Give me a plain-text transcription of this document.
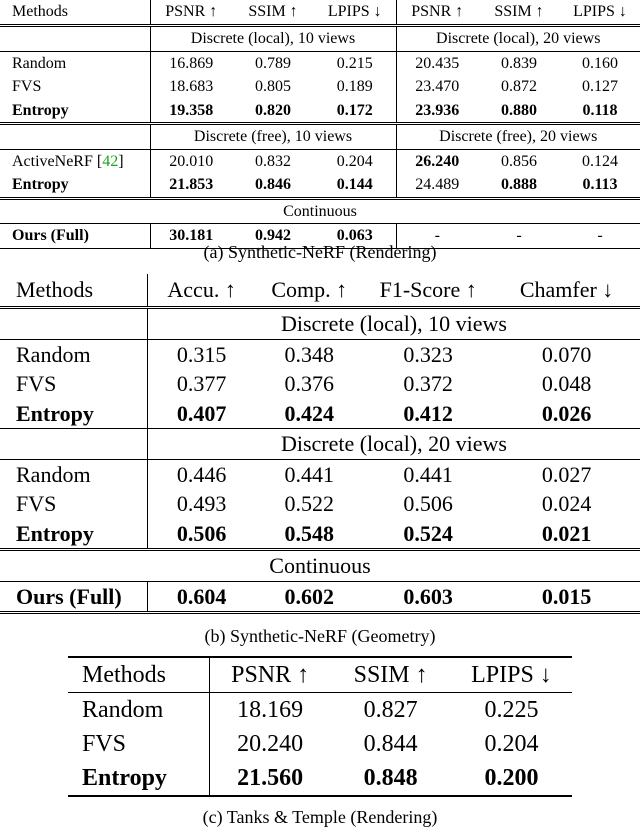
Methods	PSNR ↑	SSIM ↑	LPIPS ↓	PSNR ↑	SSIM ↑	LPIPS ↓
	Discrete (local), 10 views			Discrete (local), 20 views		
Random	16.869	0.789	0.215	20.435	0.839	0.160
FVS	18.683	0.805	0.189	23.470	0.872	0.127
Entropy	19.358	0.820	0.172	23.936	0.880	0.118
	Discrete (free), 10 views			Discrete (free), 20 views		
ActiveNeRF [42]	20.010	0.832	0.204	26.240	0.856	0.124
Entropy	21.853	0.846	0.144	24.489	0.888	0.113
Continuous						
Ours (Full)	30.181	0.942	0.063	-	-	-
(a) Synthetic-NeRF (Rendering)
Methods	Accu. ↑	Comp. ↑	F1-Score ↑	Chamfer ↓
	Discrete (local), 10 views			
Random	0.315	0.348	0.323	0.070
FVS	0.377	0.376	0.372	0.048
Entropy	0.407	0.424	0.412	0.026
	Discrete (local), 20 views			
Random	0.446	0.441	0.441	0.027
FVS	0.493	0.522	0.506	0.024
Entropy	0.506	0.548	0.524	0.021
Continuous				
Ours (Full)	0.604	0.602	0.603	0.015
(b) Synthetic-NeRF (Geometry)
Methods	PSNR ↑	SSIM ↑	LPIPS ↓
Random	18.169	0.827	0.225
FVS	20.240	0.844	0.204
Entropy	21.560	0.848	0.200
(c) Tanks & Temple (Rendering)
